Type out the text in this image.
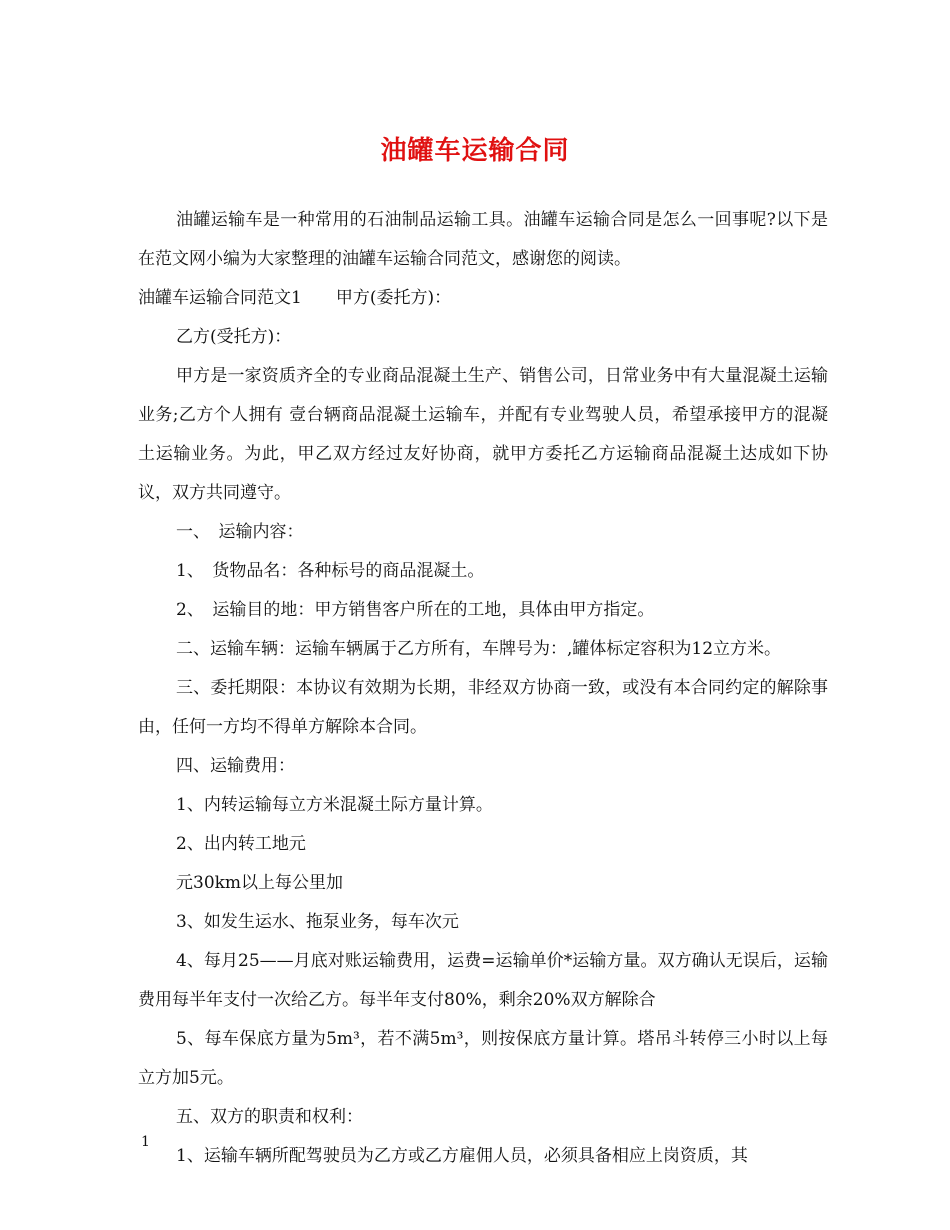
油罐车运输合同

油罐运输车是一种常用的石油制品运输工具。油罐车运输合同是怎么一回事呢?以下是在范文网小编为大家整理的油罐车运输合同范文，感谢您的阅读。

油罐车运输合同范文1　　甲方(委托方)：

乙方(受托方)：

甲方是一家资质齐全的专业商品混凝土生产、销售公司，日常业务中有大量混凝土运输业务;乙方个人拥有 壹台辆商品混凝土运输车，并配有专业驾驶人员，希望承接甲方的混凝土运输业务。为此，甲乙双方经过友好协商，就甲方委托乙方运输商品混凝土达成如下协议，双方共同遵守。

一、　运输内容：

1、　货物品名：各种标号的商品混凝土。

2、　运输目的地：甲方销售客户所在的工地，具体由甲方指定。

二、运输车辆：运输车辆属于乙方所有，车牌号为：,罐体标定容积为12立方米。

三、委托期限：本协议有效期为长期，非经双方协商一致，或没有本合同约定的解除事由，任何一方均不得单方解除本合同。

四、运输费用：

1、内转运输每立方米混凝土际方量计算。

2、出内转工地元

元30km以上每公里加

3、如发生运水、拖泵业务，每车次元

4、每月25——月底对账运输费用，运费=运输单价*运输方量。双方确认无误后，运输费用每半年支付一次给乙方。每半年支付80%，剩余20%双方解除合

5、每车保底方量为5m³，若不满5m³，则按保底方量计算。塔吊斗转停三小时以上每立方加5元。

五、双方的职责和权利：

1、运输车辆所配驾驶员为乙方或乙方雇佣人员，必须具备相应上岗资质，其

1
